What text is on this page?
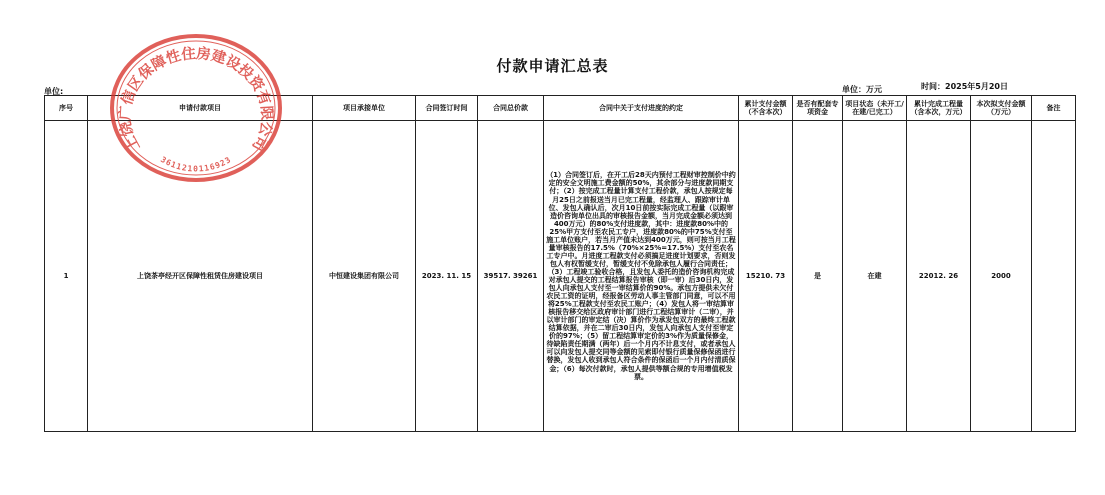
付款申请汇总表
单位:	单位：万元	时间：2025年5月20日
序号	申请付款项目	项目承接单位	合同签订时间	合同总价款	合同中关于支付进度的约定	累计支付金额（不含本次）	是否有配套专项资金	项目状态（未开工/在建/已完工）	累计完成工程量（含本次，万元）	本次拟支付金额（万元）	备注
1	上饶茶亭经开区保障性租赁住房建设项目	中恒建设集团有限公司	2023. 11. 15	39517. 39261	（1）合同签订后，在开工后28天内预付工程财审控制价中约定的安全文明施工费金额的50%，其余部分与进度款同期支付；（2）按完成工程量计算支付工程价款，承包人按规定每月25日之前报送当月已完工程量，经监理人、跟踪审计单位、发包人确认后，次月10日前按实际完成工程量（以跟审造价咨询单位出具的审核报告金额，当月完成金额必须达到400万元）的80%支付进度款，其中：进度款80%中的25%甲方支付至农民工专户，进度款80%的中75%支付至施工单位账户，若当月产值未达到400万元，则可按当月工程量审核报告的17.5%（70%×25%=17.5%）支付至农名工专户中。月进度工程款支付必须搞足进度计划要求，否则发包人有权暂缓支付，暂缓支付不免除承包人履行合同责任；（3）工程竣工验收合格，且发包人委托的造价咨询机构完成对承包人提交的工程结算报告审核（即一审）后30日内，发包人向承包人支付至一审结算价的90%。承包方提供未欠付农民工资的证明，经报备区劳动人事主管部门同意，可以不用将25%工程款支付至农民工账户；（4）发包人将一审结算审核报告移交给区政府审计部门进行工程结算审计（二审），并以审计部门的审定结（决）算价作为承发包双方的最终工程款结算依据，并在二审后30日内，发包人向承包人支付至审定价的97%；（5）留工程结算审定价的3%作为质量保修金，待缺陷责任期满（两年）后一个月内不计息支付，或者承包人可以向发包人提交同等金额的见索即付银行质量保修保函进行替换，发包人收到承包人符合条件的保函后一个月内付清质保金；（6）每次付款时，承包人提供等额合规的专用增值税发票。	15210. 73	是	在建	22012. 26	2000	
上饶广信区保障性住房建设投资有限公司
3611210116923
